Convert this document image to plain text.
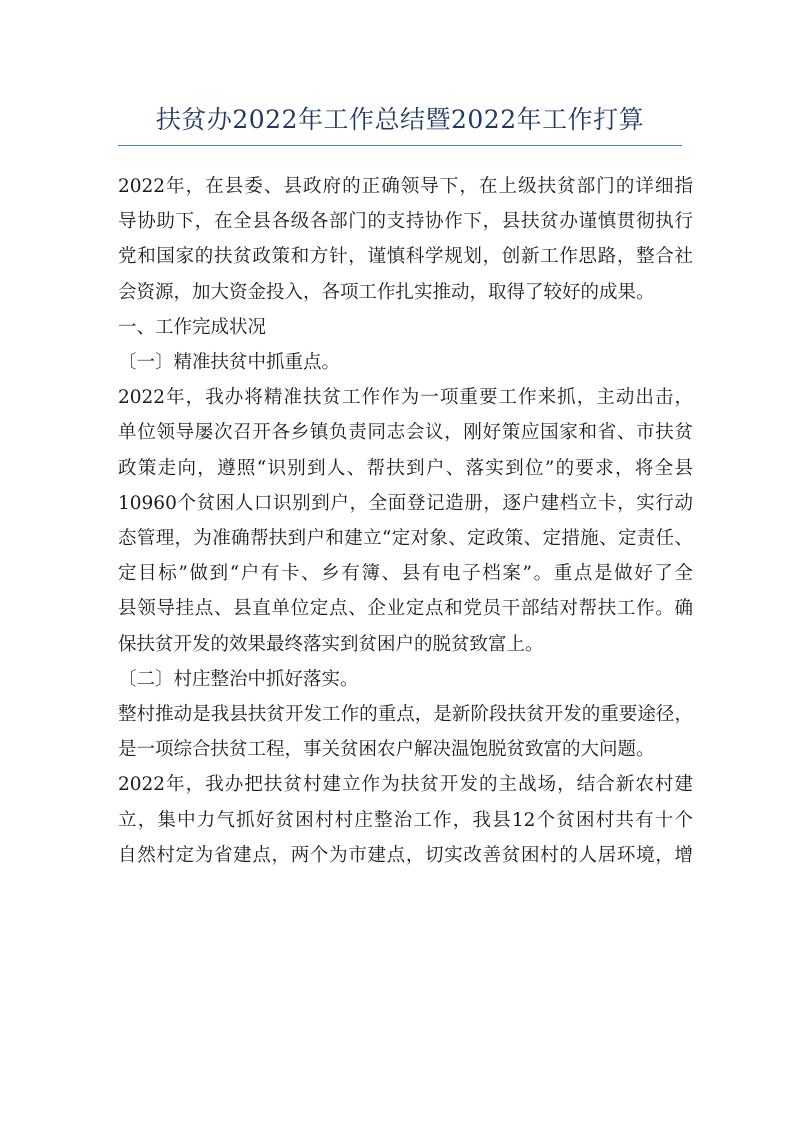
扶贫办2022年工作总结暨2022年工作打算
2022年，在县委、县政府的正确领导下，在上级扶贫部门的详细指
导协助下，在全县各级各部门的支持协作下，县扶贫办谨慎贯彻执行
党和国家的扶贫政策和方针，谨慎科学规划，创新工作思路，整合社
会资源，加大资金投入，各项工作扎实推动，取得了较好的成果。
一、工作完成状况
〔一〕精准扶贫中抓重点。
2022年，我办将精准扶贫工作作为一项重要工作来抓，主动出击，
单位领导屡次召开各乡镇负责同志会议，刚好策应国家和省、市扶贫
政策走向，遵照“识别到人、帮扶到户、落实到位”的要求，将全县
10960个贫困人口识别到户，全面登记造册，逐户建档立卡，实行动
态管理，为准确帮扶到户和建立“定对象、定政策、定措施、定责任、
定目标”做到“户有卡、乡有簿、县有电子档案”。重点是做好了全
县领导挂点、县直单位定点、企业定点和党员干部结对帮扶工作。确
保扶贫开发的效果最终落实到贫困户的脱贫致富上。
〔二〕村庄整治中抓好落实。
整村推动是我县扶贫开发工作的重点，是新阶段扶贫开发的重要途径，
是一项综合扶贫工程，事关贫困农户解决温饱脱贫致富的大问题。
2022年，我办把扶贫村建立作为扶贫开发的主战场，结合新农村建
立，集中力气抓好贫困村村庄整治工作，我县12个贫困村共有十个
自然村定为省建点，两个为市建点，切实改善贫困村的人居环境，增
